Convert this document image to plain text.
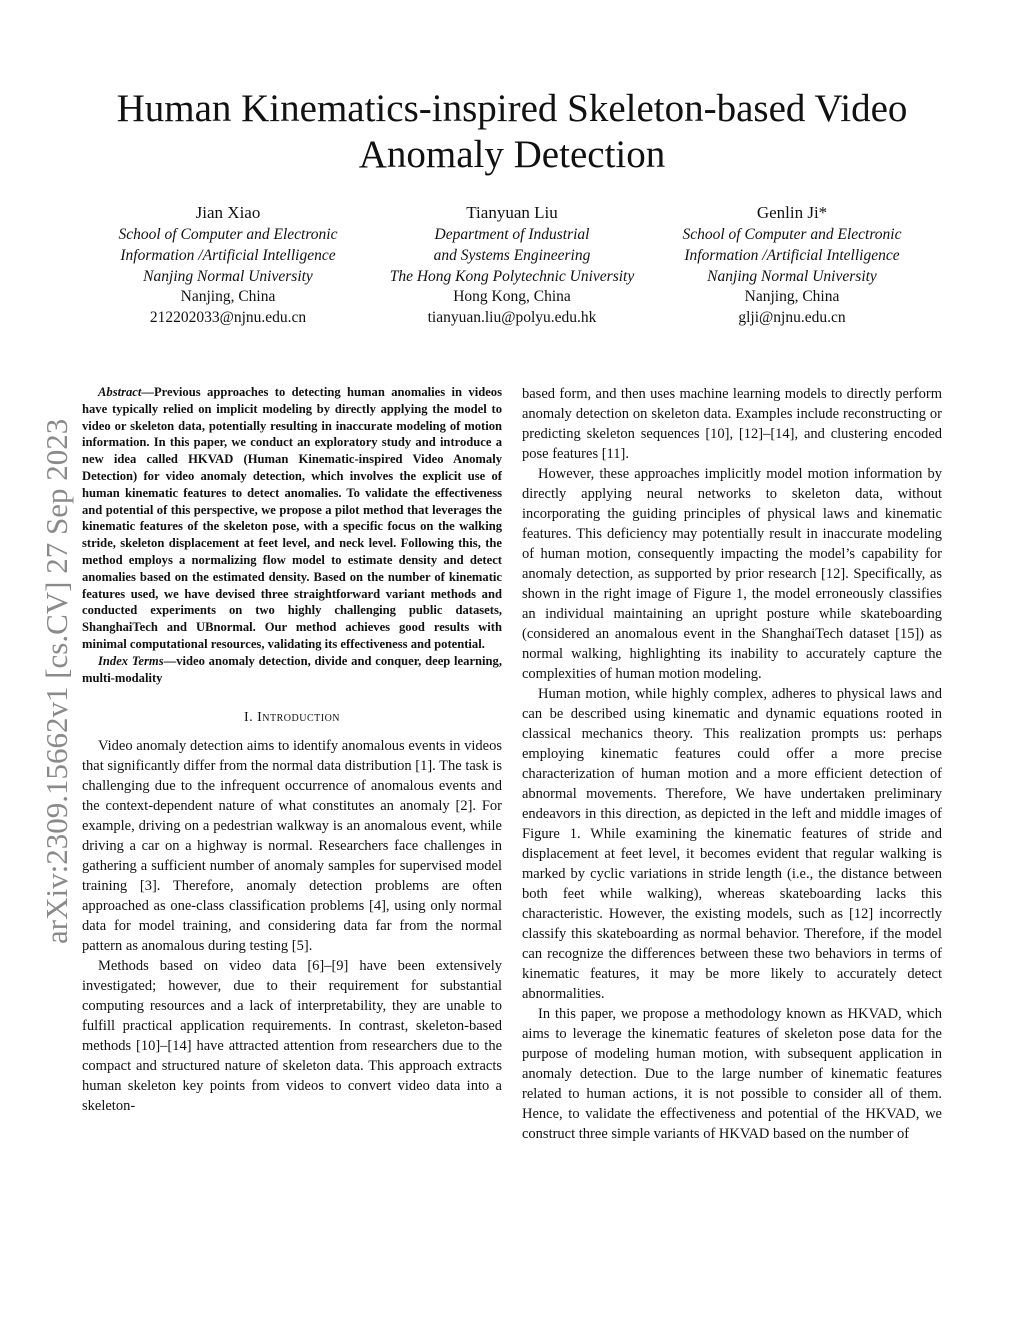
arXiv:2309.15662v1 [cs.CV] 27 Sep 2023
Human Kinematics-inspired Skeleton-based Video
Anomaly Detection
Jian Xiao
School of Computer and Electronic
Information /Artificial Intelligence
Nanjing Normal University
Nanjing, China
212202033@njnu.edu.cn
Tianyuan Liu
Department of Industrial
and Systems Engineering
The Hong Kong Polytechnic University
Hong Kong, China
tianyuan.liu@polyu.edu.hk
Genlin Ji*
School of Computer and Electronic
Information /Artificial Intelligence
Nanjing Normal University
Nanjing, China
glji@njnu.edu.cn

Abstract—Previous approaches to detecting human anomalies in videos have typically relied on implicit modeling by directly applying the model to video or skeleton data, potentially resulting in inaccurate modeling of motion information. In this paper, we conduct an exploratory study and introduce a new idea called HKVAD (Human Kinematic-inspired Video Anomaly Detection) for video anomaly detection, which involves the explicit use of human kinematic features to detect anomalies. To validate the effectiveness and potential of this perspective, we propose a pilot method that leverages the kinematic features of the skeleton pose, with a specific focus on the walking stride, skeleton displacement at feet level, and neck level. Following this, the method employs a normalizing flow model to estimate density and detect anomalies based on the estimated density. Based on the number of kinematic features used, we have devised three straightforward variant methods and conducted experiments on two highly challenging public datasets, ShanghaiTech and UBnormal. Our method achieves good results with minimal computational resources, validating its effectiveness and potential.

Index Terms—video anomaly detection, divide and conquer, deep learning, multi-modality

I. Introduction

Video anomaly detection aims to identify anomalous events in videos that significantly differ from the normal data distribution [1]. The task is challenging due to the infrequent occurrence of anomalous events and the context-dependent nature of what constitutes an anomaly [2]. For example, driving on a pedestrian walkway is an anomalous event, while driving a car on a highway is normal. Researchers face challenges in gathering a sufficient number of anomaly samples for supervised model training [3]. Therefore, anomaly detection problems are often approached as one-class classification problems [4], using only normal data for model training, and considering data far from the normal pattern as anomalous during testing [5].

Methods based on video data [6]–[9] have been extensively investigated; however, due to their requirement for substantial computing resources and a lack of interpretability, they are unable to fulfill practical application requirements. In contrast, skeleton-based methods [10]–[14] have attracted attention from researchers due to the compact and structured nature of skeleton data. This approach extracts human skeleton key points from videos to convert video data into a skeleton-

based form, and then uses machine learning models to directly perform anomaly detection on skeleton data. Examples include reconstructing or predicting skeleton sequences [10], [12]–[14], and clustering encoded pose features [11].

However, these approaches implicitly model motion information by directly applying neural networks to skeleton data, without incorporating the guiding principles of physical laws and kinematic features. This deficiency may potentially result in inaccurate modeling of human motion, consequently impacting the model’s capability for anomaly detection, as supported by prior research [12]. Specifically, as shown in the right image of Figure 1, the model erroneously classifies an individual maintaining an upright posture while skateboarding (considered an anomalous event in the ShanghaiTech dataset [15]) as normal walking, highlighting its inability to accurately capture the complexities of human motion modeling.

Human motion, while highly complex, adheres to physical laws and can be described using kinematic and dynamic equations rooted in classical mechanics theory. This realization prompts us: perhaps employing kinematic features could offer a more precise characterization of human motion and a more efficient detection of abnormal movements. Therefore, We have undertaken preliminary endeavors in this direction, as depicted in the left and middle images of Figure 1. While examining the kinematic features of stride and displacement at feet level, it becomes evident that regular walking is marked by cyclic variations in stride length (i.e., the distance between both feet while walking), whereas skateboarding lacks this characteristic. However, the existing models, such as [12] incorrectly classify this skateboarding as normal behavior. Therefore, if the model can recognize the differences between these two behaviors in terms of kinematic features, it may be more likely to accurately detect abnormalities.

In this paper, we propose a methodology known as HKVAD, which aims to leverage the kinematic features of skeleton pose data for the purpose of modeling human motion, with subsequent application in anomaly detection. Due to the large number of kinematic features related to human actions, it is not possible to consider all of them. Hence, to validate the effectiveness and potential of the HKVAD, we construct three simple variants of HKVAD based on the number of
